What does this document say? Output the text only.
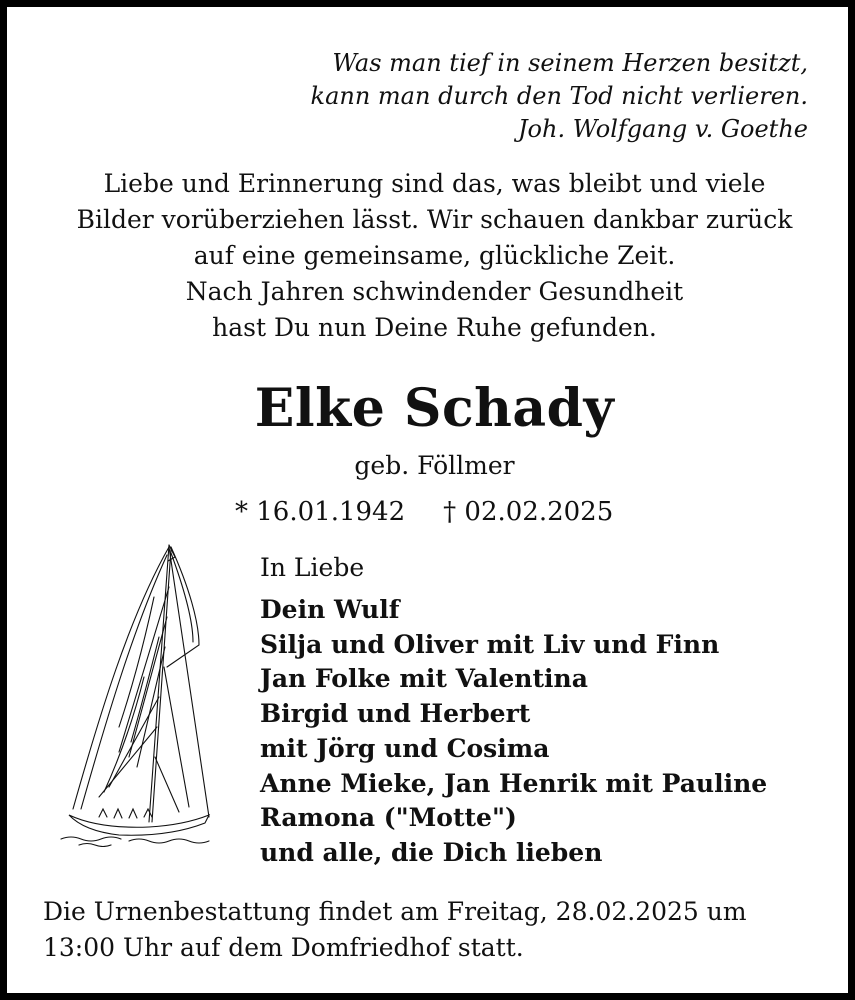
Was man tief in seinem Herzen besitzt,
kann man durch den Tod nicht verlieren.
Joh. Wolfgang v. Goethe
Liebe und Erinnerung sind das, was bleibt und viele
Bilder vorüberziehen lässt. Wir schauen dankbar zurück
auf eine gemeinsame, glückliche Zeit.
Nach Jahren schwindender Gesundheit
hast Du nun Deine Ruhe gefunden.
Elke Schady
geb. Föllmer
* 16.01.1942 † 02.02.2025
In Liebe
Dein Wulf
Silja und Oliver mit Liv und Finn
Jan Folke mit Valentina
Birgid und Herbert
mit Jörg und Cosima
Anne Mieke, Jan Henrik mit Pauline
Ramona ("Motte")
und alle, die Dich lieben
Die Urnenbestattung findet am Freitag, 28.02.2025 um
13:00 Uhr auf dem Domfriedhof statt.
